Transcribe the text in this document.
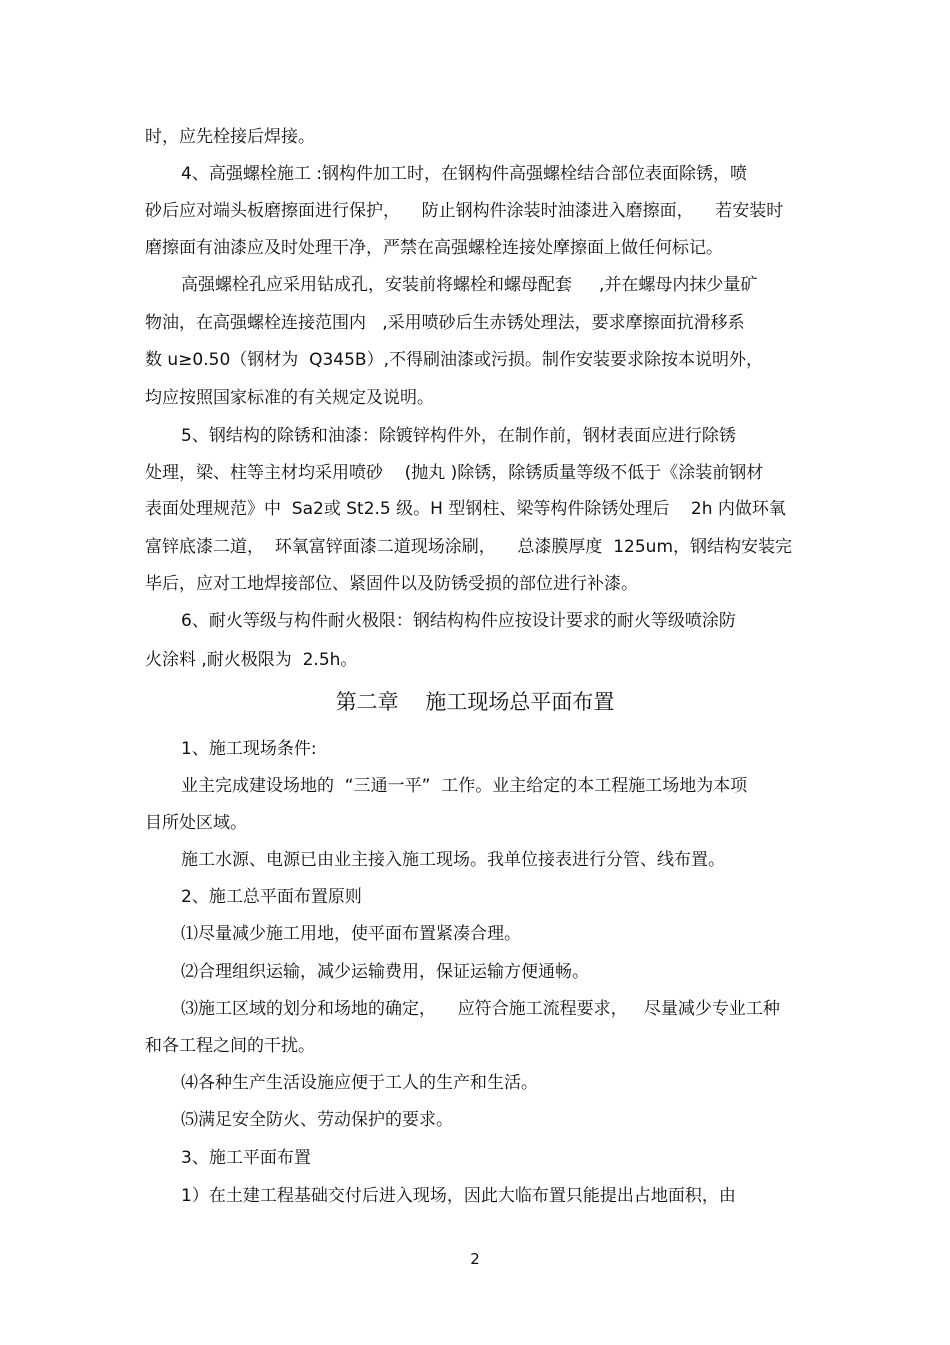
时，应先栓接后焊接。
4、高强螺栓施工 :钢构件加工时，在钢构件高强螺栓结合部位表面除锈，喷
砂后应对端头板磨擦面进行保护，    防止钢构件涂装时油漆进入磨擦面，    若安装时
磨擦面有油漆应及时处理干净，严禁在高强螺栓连接处摩擦面上做任何标记。
高强螺栓孔应采用钻成孔，安装前将螺栓和螺母配套     ,并在螺母内抹少量矿
物油，在高强螺栓连接范围内   ,采用喷砂后生赤锈处理法，要求摩擦面抗滑移系
数 u≥0.50（钢材为  Q345B）,不得刷油漆或污损。制作安装要求除按本说明外，
均应按照国家标准的有关规定及说明。
5、钢结构的除锈和油漆：除镀锌构件外，在制作前，钢材表面应进行除锈
处理，梁、柱等主材均采用喷砂    (抛丸 )除锈，除锈质量等级不低于《涂装前钢材
表面处理规范》中  Sa2或 St2.5 级。H 型钢柱、梁等构件除锈处理后    2h 内做环氧
富锌底漆二道，  环氧富锌面漆二道现场涂刷，    总漆膜厚度  125um，钢结构安装完
毕后，应对工地焊接部位、紧固件以及防锈受损的部位进行补漆。
6、耐火等级与构件耐火极限：钢结构构件应按设计要求的耐火等级喷涂防
火涂料 ,耐火极限为  2.5h。
第二章    施工现场总平面布置
1、施工现场条件:
业主完成建设场地的  “三通一平”  工作。业主给定的本工程施工场地为本项
目所处区域。
施工水源、电源已由业主接入施工现场。我单位接表进行分管、线布置。
2、施工总平面布置原则
⑴尽量减少施工用地，使平面布置紧凑合理。
⑵合理组织运输，减少运输费用，保证运输方便通畅。
⑶施工区域的划分和场地的确定，    应符合施工流程要求，   尽量减少专业工种
和各工程之间的干扰。
⑷各种生产生活设施应便于工人的生产和生活。
⑸满足安全防火、劳动保护的要求。
3、施工平面布置
1）在土建工程基础交付后进入现场，因此大临布置只能提出占地面积，由
2
